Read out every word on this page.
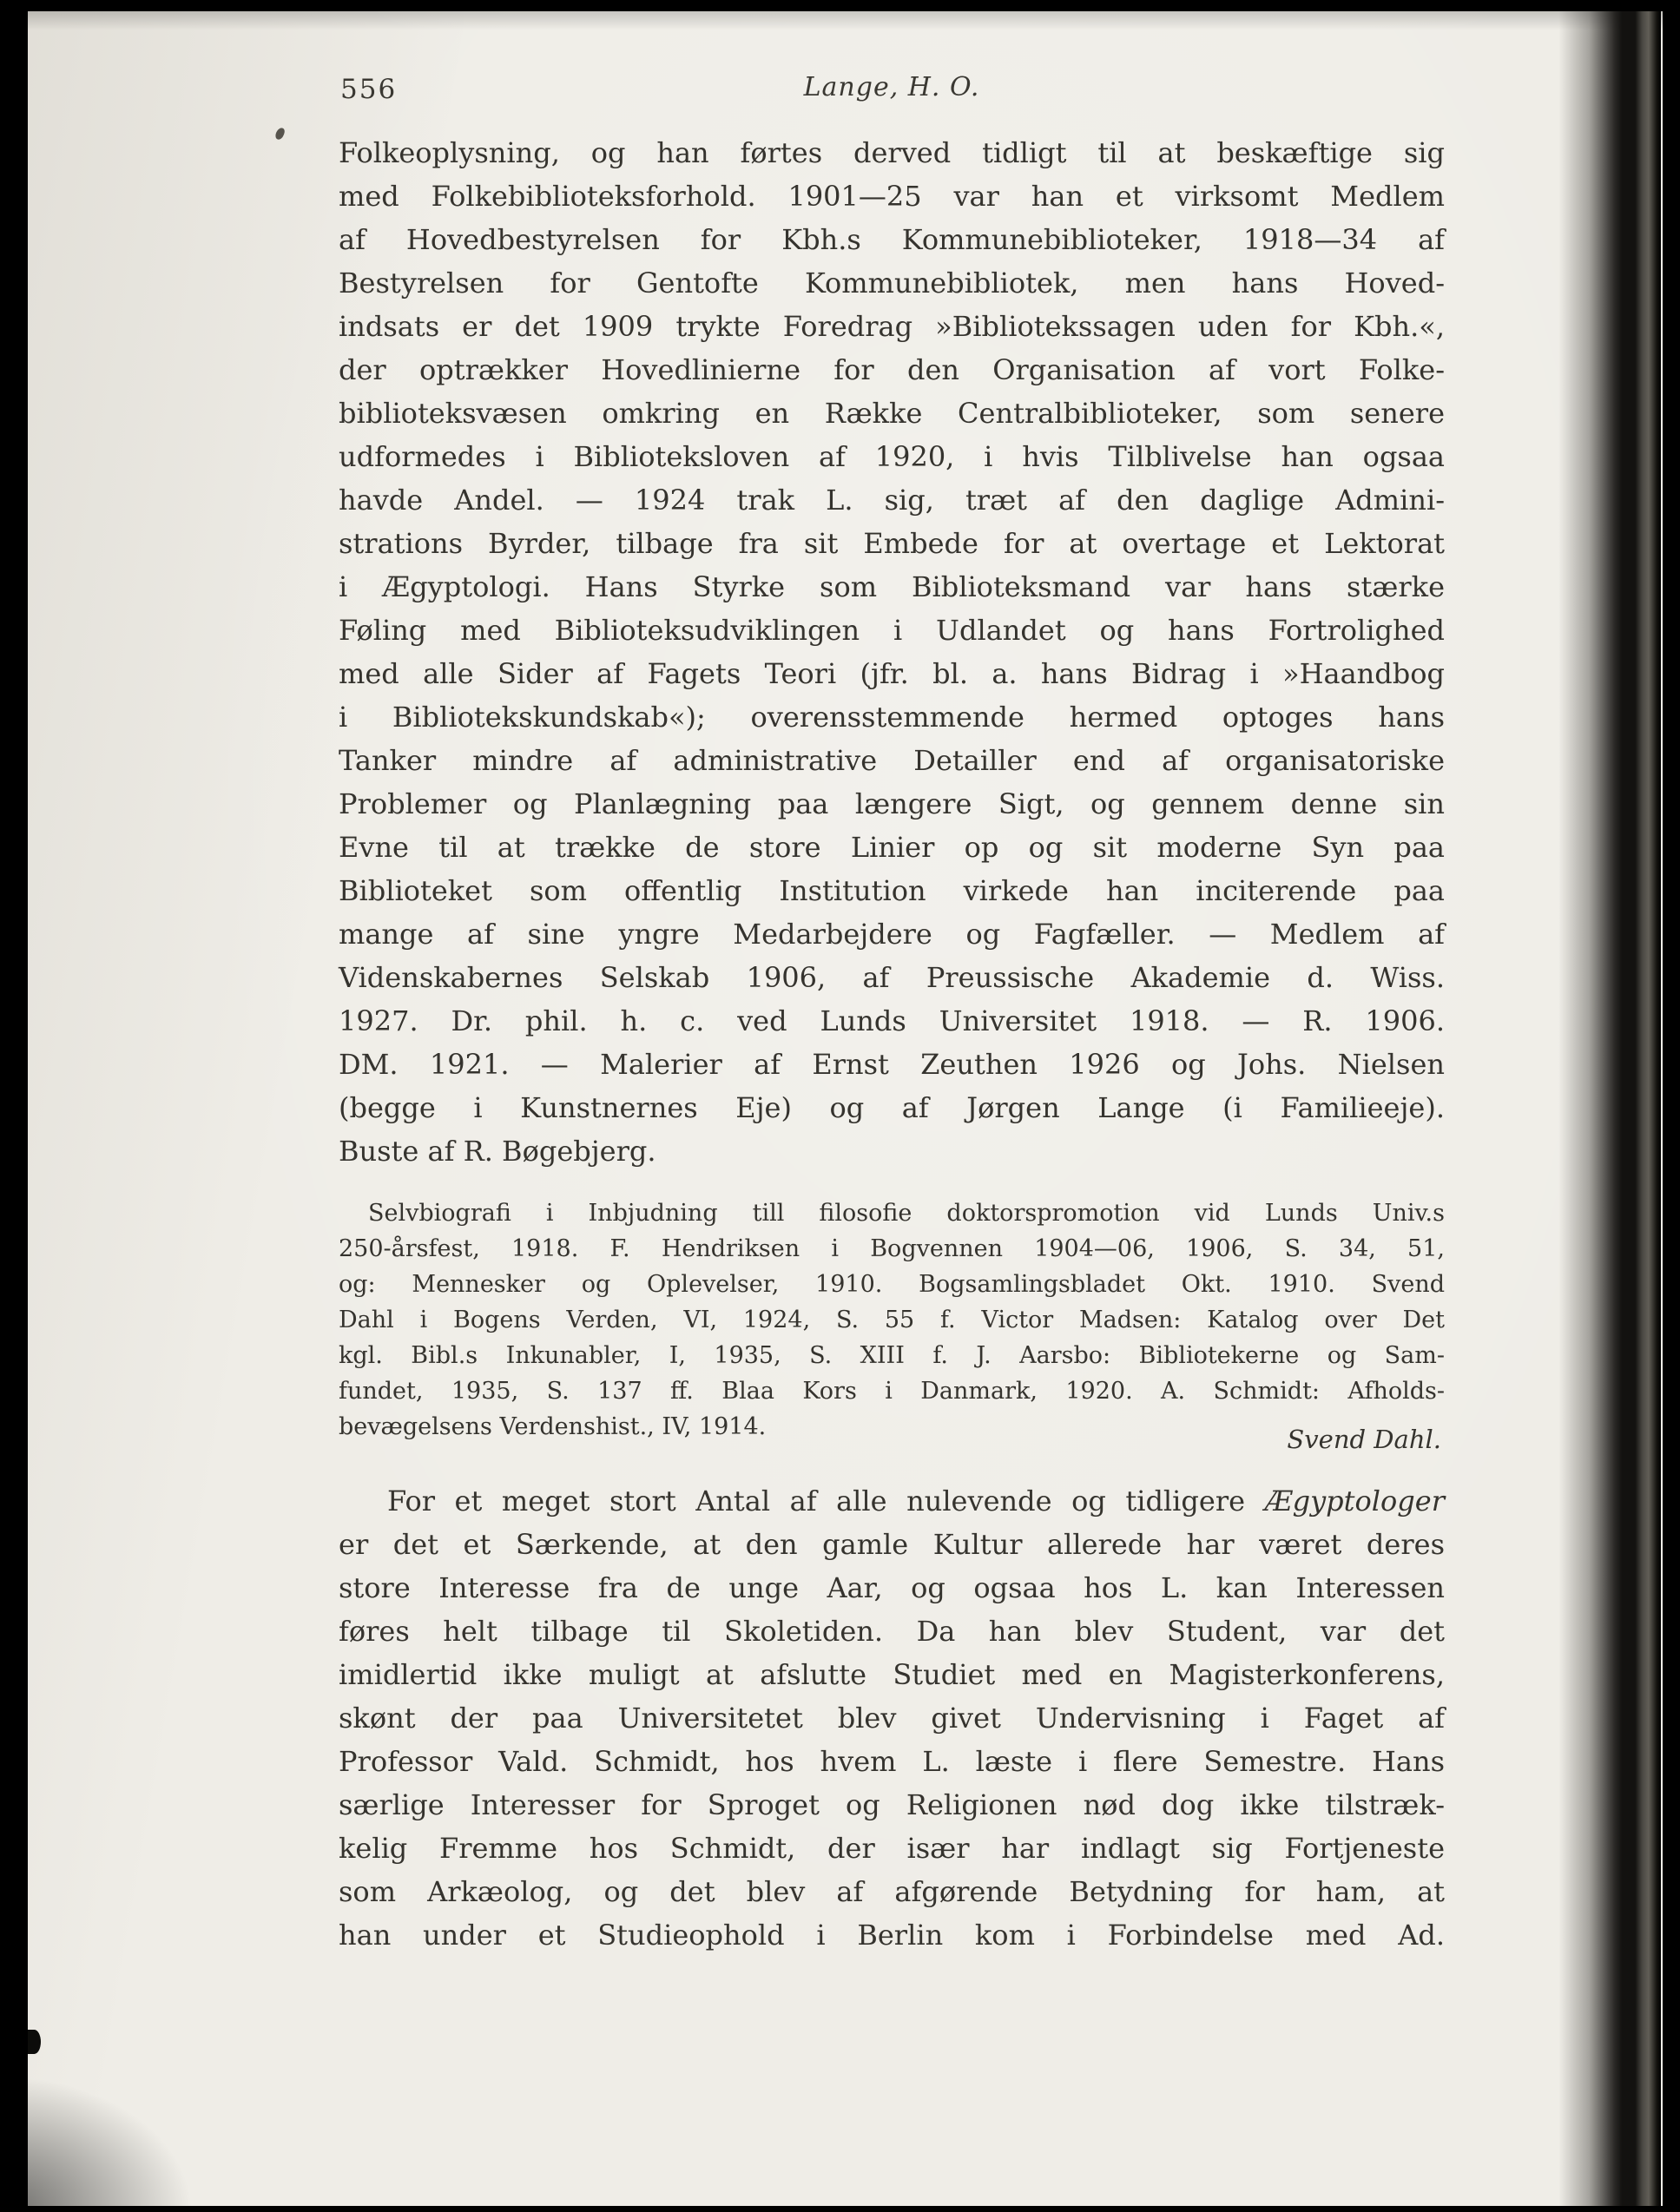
556	Lange, H. O.
Folkeoplysning, og han førtes derved tidligt til at beskæftige sig
med Folkebiblioteksforhold. 1901—25 var han et virksomt Medlem
af Hovedbestyrelsen for Kbh.s Kommunebiblioteker, 1918—34 af
Bestyrelsen for Gentofte Kommunebibliotek, men hans Hoved-
indsats er det 1909 trykte Foredrag »Bibliotekssagen uden for Kbh.«,
der optrækker Hovedlinierne for den Organisation af vort Folke-
biblioteksvæsen omkring en Række Centralbiblioteker, som senere
udformedes i Biblioteksloven af 1920, i hvis Tilblivelse han ogsaa
havde Andel. — 1924 trak L. sig, træt af den daglige Admini-
strations Byrder, tilbage fra sit Embede for at overtage et Lektorat
i Ægyptologi. Hans Styrke som Biblioteksmand var hans stærke
Føling med Biblioteksudviklingen i Udlandet og hans Fortrolighed
med alle Sider af Fagets Teori (jfr. bl. a. hans Bidrag i »Haandbog
i Bibliotekskundskab«); overensstemmende hermed optoges hans
Tanker mindre af administrative Detailler end af organisatoriske
Problemer og Planlægning paa længere Sigt, og gennem denne sin
Evne til at trække de store Linier op og sit moderne Syn paa
Biblioteket som offentlig Institution virkede han inciterende paa
mange af sine yngre Medarbejdere og Fagfæller. — Medlem af
Videnskabernes Selskab 1906, af Preussische Akademie d. Wiss.
1927. Dr. phil. h. c. ved Lunds Universitet 1918. — R. 1906.
DM. 1921. — Malerier af Ernst Zeuthen 1926 og Johs. Nielsen
(begge i Kunstnernes Eje) og af Jørgen Lange (i Familieeje).
Buste af R. Bøgebjerg.
Selvbiografi i Inbjudning till filosofie doktorspromotion vid Lunds Univ.s
250-årsfest, 1918. F. Hendriksen i Bogvennen 1904—06, 1906, S. 34, 51,
og: Mennesker og Oplevelser, 1910. Bogsamlingsbladet Okt. 1910. Svend
Dahl i Bogens Verden, VI, 1924, S. 55 f. Victor Madsen: Katalog over Det
kgl. Bibl.s Inkunabler, I, 1935, S. XIII f. J. Aarsbo: Bibliotekerne og Sam-
fundet, 1935, S. 137 ff. Blaa Kors i Danmark, 1920. A. Schmidt: Afholds-
bevægelsens Verdenshist., IV, 1914.	Svend Dahl.
For et meget stort Antal af alle nulevende og tidligere Ægyptologer
er det et Særkende, at den gamle Kultur allerede har været deres
store Interesse fra de unge Aar, og ogsaa hos L. kan Interessen
føres helt tilbage til Skoletiden. Da han blev Student, var det
imidlertid ikke muligt at afslutte Studiet med en Magisterkonferens,
skønt der paa Universitetet blev givet Undervisning i Faget af
Professor Vald. Schmidt, hos hvem L. læste i flere Semestre. Hans
særlige Interesser for Sproget og Religionen nød dog ikke tilstræk-
kelig Fremme hos Schmidt, der især har indlagt sig Fortjeneste
som Arkæolog, og det blev af afgørende Betydning for ham, at
han under et Studieophold i Berlin kom i Forbindelse med Ad.
